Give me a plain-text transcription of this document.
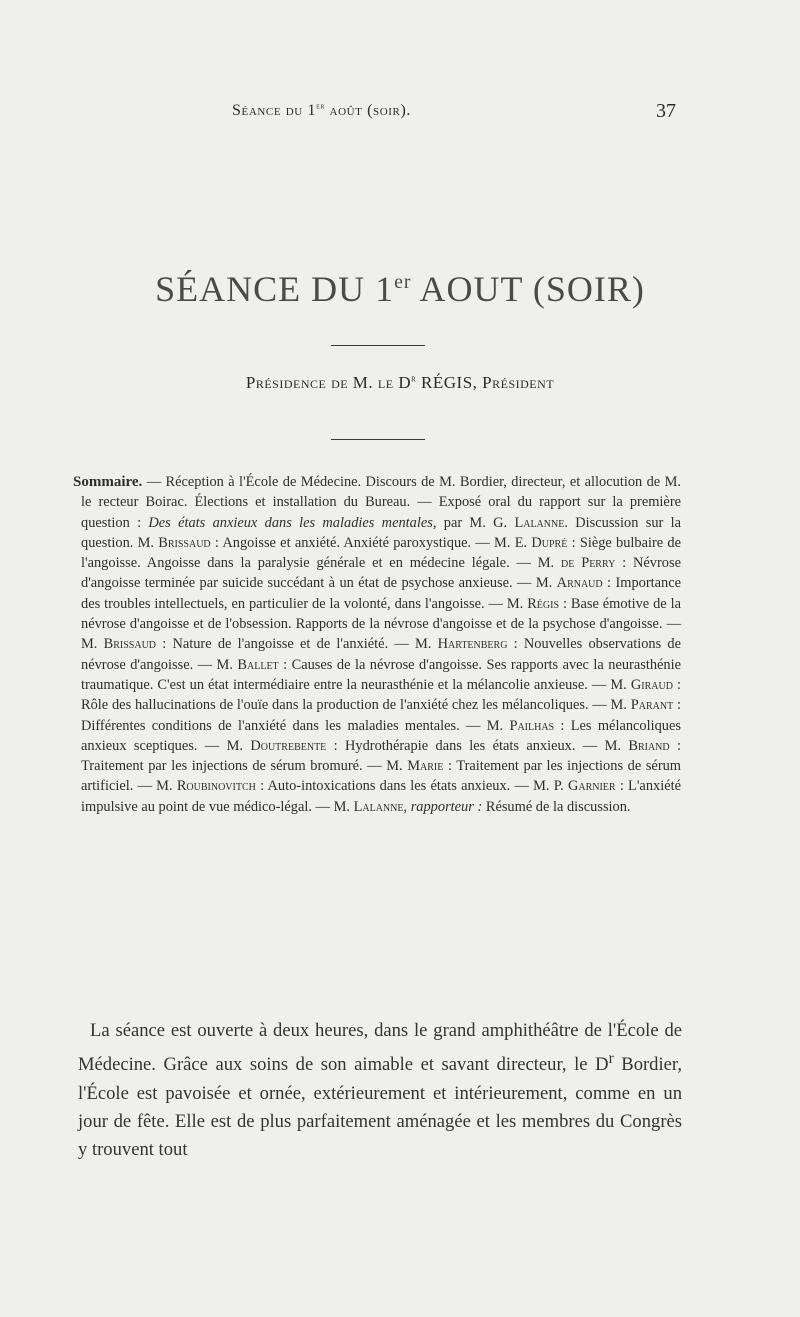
Séance du 1er août (soir).	37
SÉANCE DU 1er AOUT (SOIR)
Présidence de M. le $D^r$ RÉGIS, Président
Sommaire. — Réception à l'École de Médecine. Discours de M. Bordier, directeur, et allocution de M. le recteur Boirac. Élections et installation du Bureau. — Exposé oral du rapport sur la première question : Des états anxieux dans les maladies mentales, par M. G. Lalanne. Discussion sur la question. M. Brissaud : Angoisse et anxiété. Anxiété paroxystique. — M. E. Dupré : Siège bulbaire de l'angoisse. Angoisse dans la paralysie générale et en médecine légale. — M. de Perry : Névrose d'angoisse terminée par suicide succédant à un état de psychose anxieuse. — M. Arnaud : Importance des troubles intellectuels, en particulier de la volonté, dans l'angoisse. — M. Régis : Base émotive de la névrose d'angoisse et de l'obsession. Rapports de la névrose d'angoisse et de la psychose d'angoisse. — M. Brissaud : Nature de l'angoisse et de l'anxiété. — M. Hartenberg : Nouvelles observations de névrose d'angoisse. — M. Ballet : Causes de la névrose d'angoisse. Ses rapports avec la neurasthénie traumatique. C'est un état intermédiaire entre la neurasthénie et la mélancolie anxieuse. — M. Giraud : Rôle des hallucinations de l'ouïe dans la production de l'anxiété chez les mélancoliques. — M. Parant : Différentes conditions de l'anxiété dans les maladies mentales. — M. Pailhas : Les mélancoliques anxieux sceptiques. — M. Doutrebente : Hydrothérapie dans les états anxieux. — M. Briand : Traitement par les injections de sérum bromuré. — M. Marie : Traitement par les injections de sérum artificiel. — M. Roubinovitch : Auto-intoxications dans les états anxieux. — M. P. Garnier : L'anxiété impulsive au point de vue médico-légal. — M. Lalanne, rapporteur : Résumé de la discussion.
La séance est ouverte à deux heures, dans le grand amphithéâtre de l'École de Médecine. Grâce aux soins de son aimable et savant directeur, le $D^r$ Bordier, l'École est pavoisée et ornée, extérieurement et intérieurement, comme en un jour de fête. Elle est de plus parfaitement aménagée et les membres du Congrès y trouvent tout
